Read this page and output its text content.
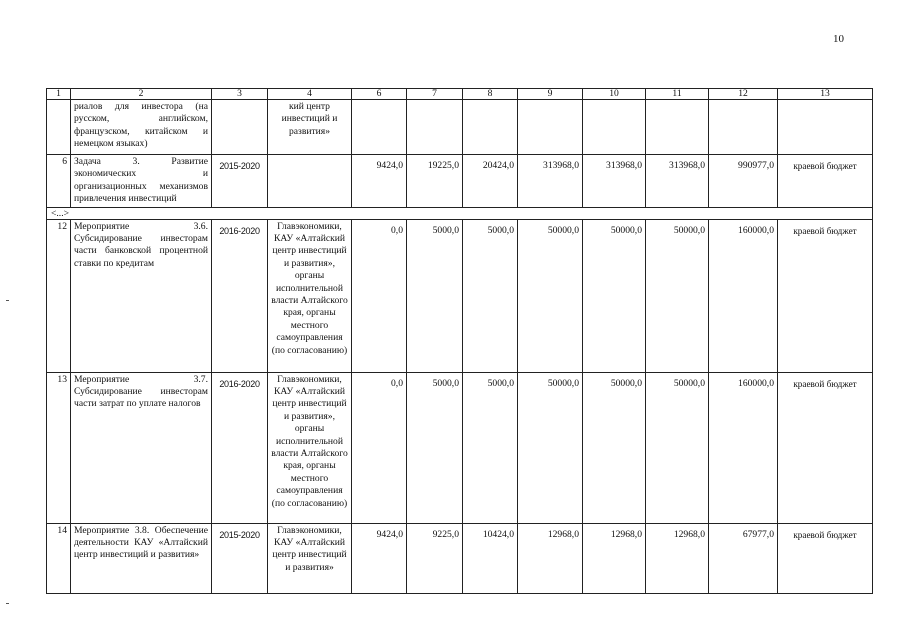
10
1	2	3	4	6	7	8	9	10	11	12	13
	риалов для инвестора (на русском, английском, французском, китайском и немецком языках)		кий центр инвестиций и развития»								
6	Задача 3. Развитие экономических и организационных механизмов привлечения инвестиций	2015-2020		9424,0	19225,0	20424,0	313968,0	313968,0	313968,0	990977,0	краевой бюджет
<...>											
12	Мероприятие 3.6. Субсидирование инвесторам части банковской процентной ставки по кредитам	2016-2020	Главэкономики, КАУ «Алтайский центр инвестиций и развития», органы исполнительной власти Алтайского края, органы местного самоуправления (по согласованию)	0,0	5000,0	5000,0	50000,0	50000,0	50000,0	160000,0	краевой бюджет
13	Мероприятие 3.7. Субсидирование инвесторам части затрат по уплате налогов	2016-2020	Главэкономики, КАУ «Алтайский центр инвестиций и развития», органы исполнительной власти Алтайского края, органы местного самоуправления (по согласованию)	0,0	5000,0	5000,0	50000,0	50000,0	50000,0	160000,0	краевой бюджет
14	Мероприятие 3.8. Обеспечение деятельности КАУ «Алтайский центр инвестиций и развития»	2015-2020	Главэкономики, КАУ «Алтайский центр инвестиций и развития»	9424,0	9225,0	10424,0	12968,0	12968,0	12968,0	67977,0	краевой бюджет
